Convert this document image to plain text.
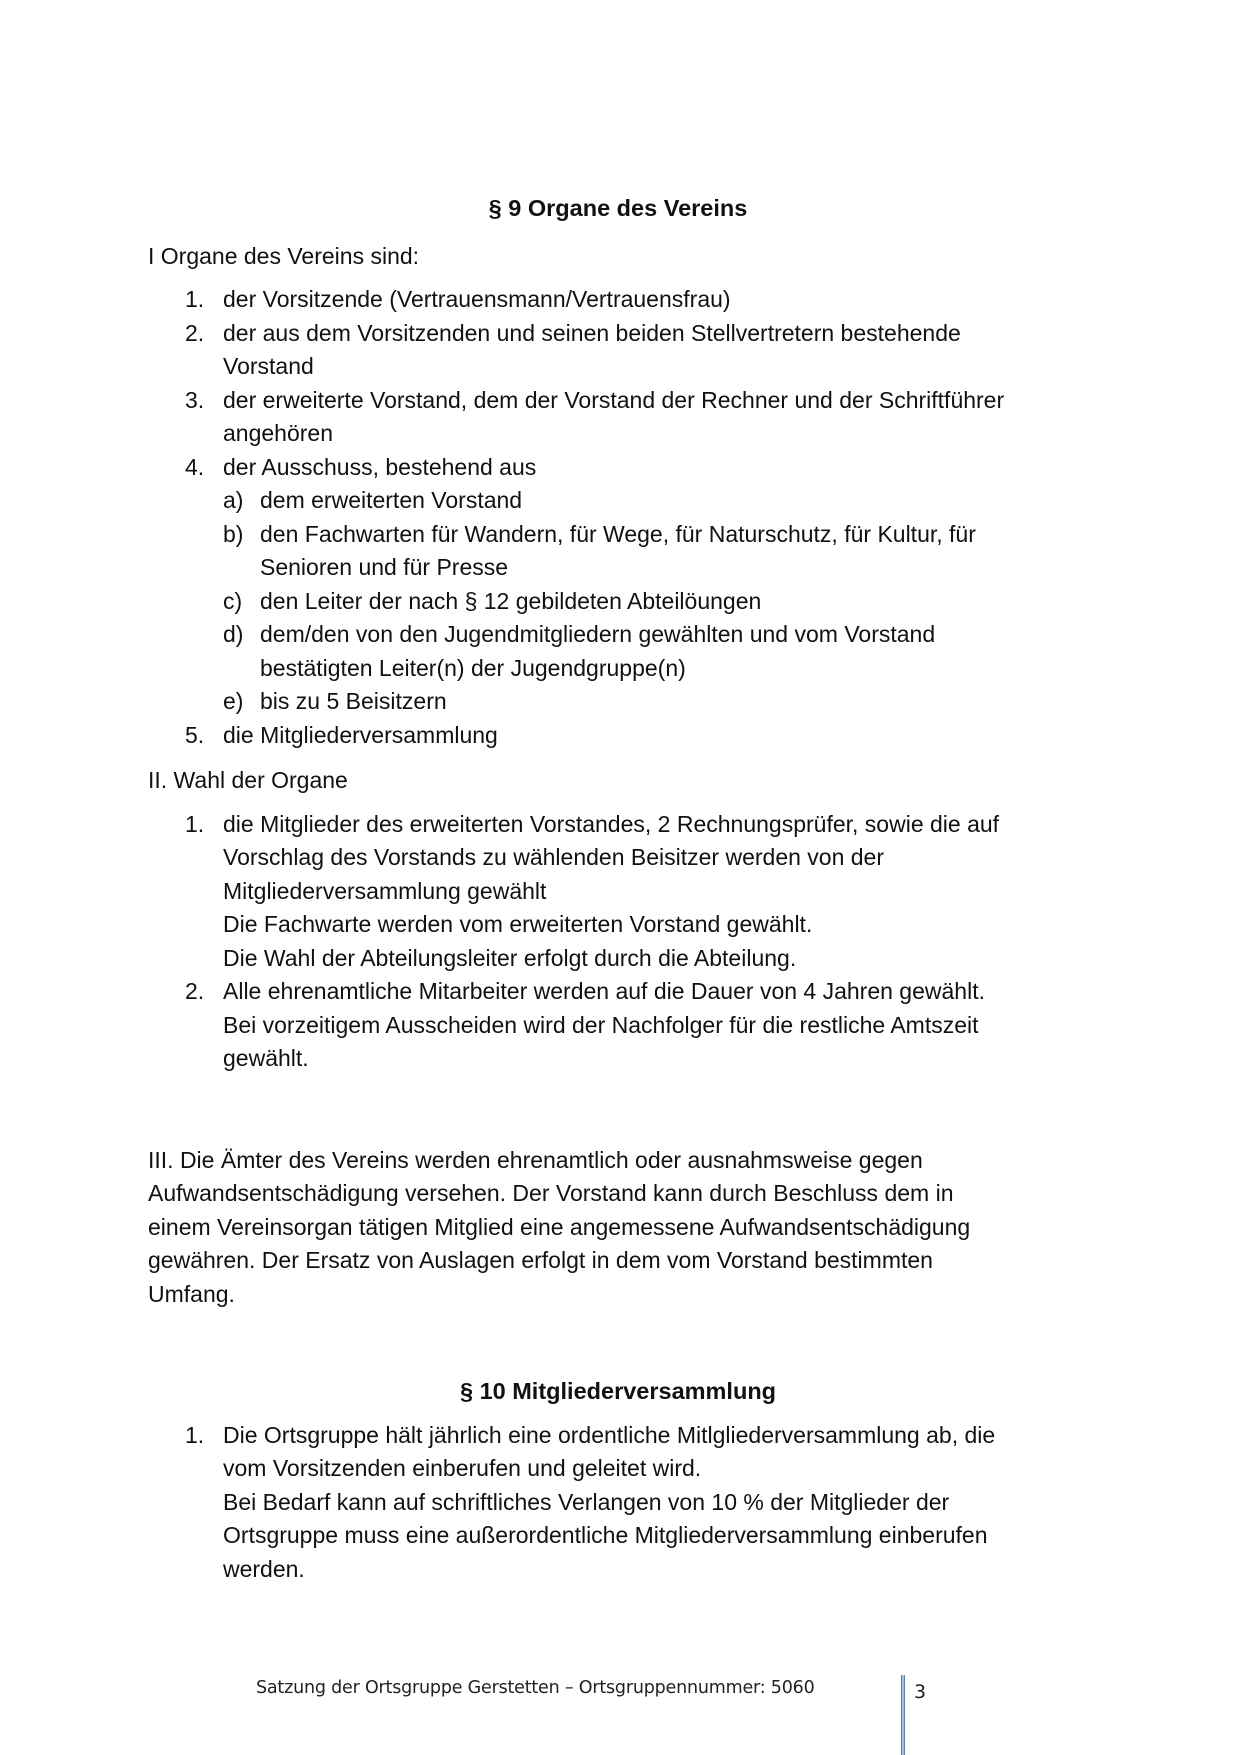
§ 9 Organe des Vereins

I Organe des Vereins sind:

1. der Vorsitzende (Vertrauensmann/Vertrauensfrau)
2. der aus dem Vorsitzenden und seinen beiden Stellvertretern bestehende
Vorstand
3. der erweiterte Vorstand, dem der Vorstand der Rechner und der Schriftführer
angehören
4. der Ausschuss, bestehend aus
a) dem erweiterten Vorstand
b) den Fachwarten für Wandern, für Wege, für Naturschutz, für Kultur, für
Senioren und für Presse
c) den Leiter der nach § 12 gebildeten Abteilöungen
d) dem/den von den Jugendmitgliedern gewählten und vom Vorstand
bestätigten Leiter(n) der Jugendgruppe(n)
e) bis zu 5 Beisitzern
5. die Mitgliederversammlung

II. Wahl der Organe

1. die Mitglieder des erweiterten Vorstandes, 2 Rechnungsprüfer, sowie die auf
Vorschlag des Vorstands zu wählenden Beisitzer werden von der
Mitgliederversammlung gewählt
Die Fachwarte werden vom erweiterten Vorstand gewählt.
Die Wahl der Abteilungsleiter erfolgt durch die Abteilung.
2. Alle ehrenamtliche Mitarbeiter werden auf die Dauer von 4 Jahren gewählt.
Bei vorzeitigem Ausscheiden wird der Nachfolger für die restliche Amtszeit
gewählt.

III. Die Ämter des Vereins werden ehrenamtlich oder ausnahmsweise gegen
Aufwandsentschädigung versehen. Der Vorstand kann durch Beschluss dem in
einem Vereinsorgan tätigen Mitglied eine angemessene Aufwandsentschädigung
gewähren. Der Ersatz von Auslagen erfolgt in dem vom Vorstand bestimmten
Umfang.

§ 10 Mitgliederversammlung
1. Die Ortsgruppe hält jährlich eine ordentliche Mitlgliederversammlung ab, die
vom Vorsitzenden einberufen und geleitet wird.
Bei Bedarf kann auf schriftliches Verlangen von 10 % der Mitglieder der
Ortsgruppe muss eine außerordentliche Mitgliederversammlung einberufen
werden.
Satzung der Ortsgruppe Gerstetten – Ortsgruppennummer: 5060	3
